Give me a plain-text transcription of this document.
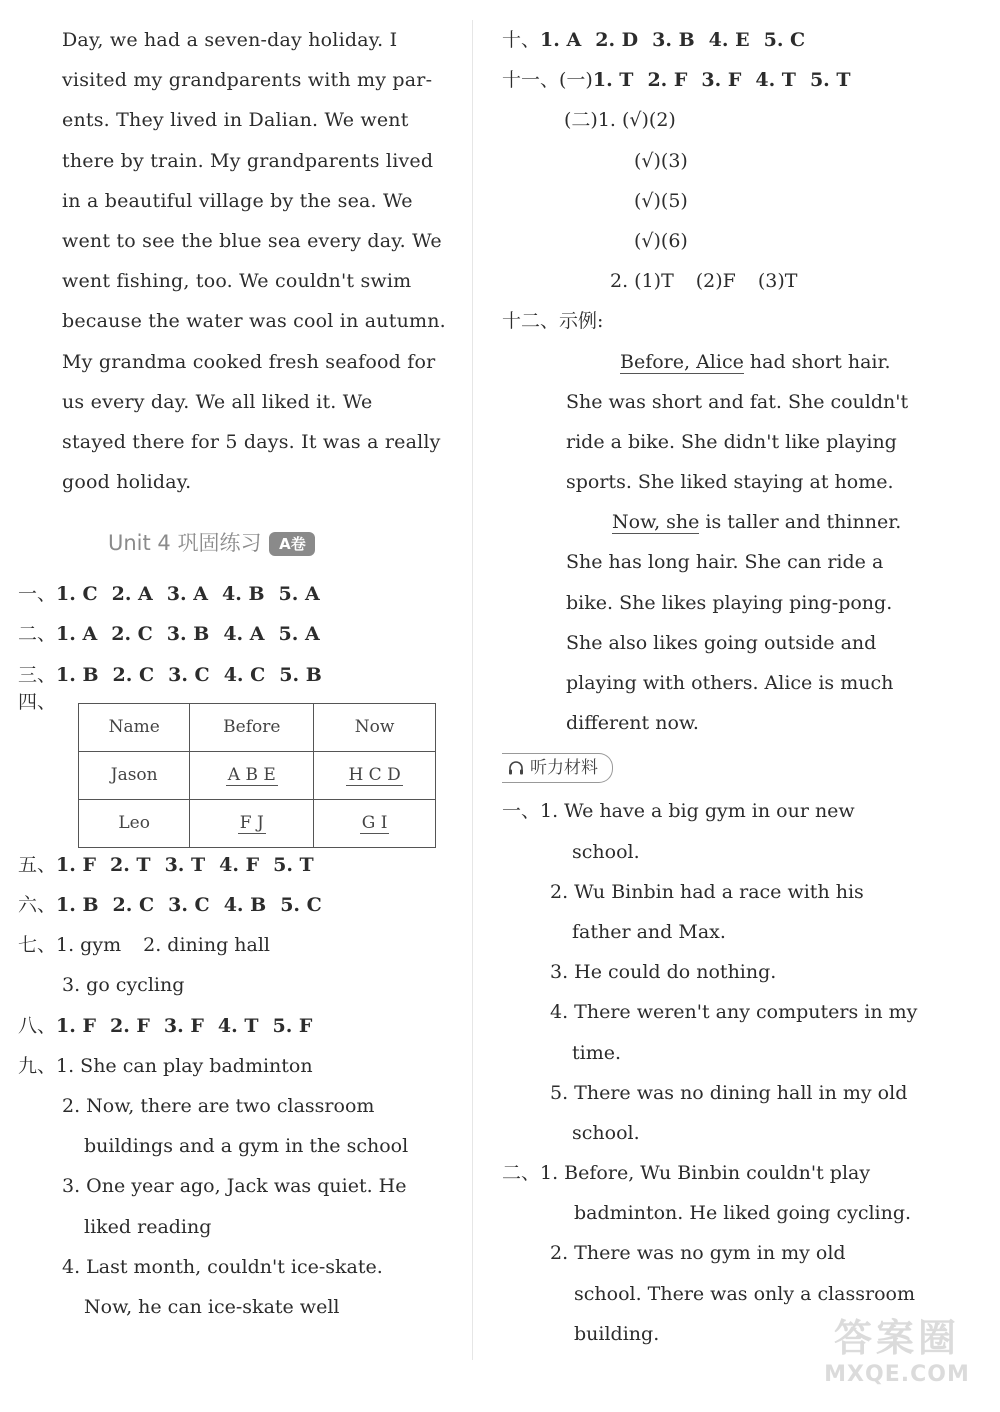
Day, we had a seven-day holiday. I
visited my grandparents with my par-
ents. They lived in Dalian. We went
there by train. My grandparents lived
in a beautiful village by the sea. We
went to see the blue sea every day. We
went fishing, too. We couldn't swim
because the water was cool in autumn.
My grandma cooked fresh seafood for
us every day. We all liked it. We
stayed there for 5 days. It was a really
good holiday.
Unit 4 巩固练习 A卷
一、1. C 2. A 3. A 4. B 5. A
二、1. A 2. C 3. B 4. A 5. A
三、1. B 2. C 3. C 4. C 5. B
四、
Name	Before	Now
Jason	A B E	H C D
Leo	F J	G I
五、1. F 2. T 3. T 4. F 5. T
六、1. B 2. C 3. C 4. B 5. C
七、1. gym 2. dining hall
3. go cycling
八、1. F 2. F 3. F 4. T 5. F
九、1. She can play badminton
2. Now, there are two classroom
buildings and a gym in the school
3. One year ago, Jack was quiet. He
liked reading
4. Last month, couldn't ice-skate.
Now, he can ice-skate well
十、1. A 2. D 3. B 4. E 5. C
十一、(一)1. T 2. F 3. F 4. T 5. T
(二)1. (√)(2)
(√)(3)
(√)(5)
(√)(6)
2. (1)T (2)F (3)T
十二、示例:
Before, Alice had short hair.
She was short and fat. She couldn't
ride a bike. She didn't like playing
sports. She liked staying at home.
Now, she is taller and thinner.
She has long hair. She can ride a
bike. She likes playing ping-pong.
She also likes going outside and
playing with others. Alice is much
different now.
听力材料
一、1. We have a big gym in our new
school.
2. Wu Binbin had a race with his
father and Max.
3. He could do nothing.
4. There weren't any computers in my
time.
5. There was no dining hall in my old
school.
二、1. Before, Wu Binbin couldn't play
badminton. He liked going cycling.
2. There was no gym in my old
school. There was only a classroom
building.	答案圈
MXQE.COM
